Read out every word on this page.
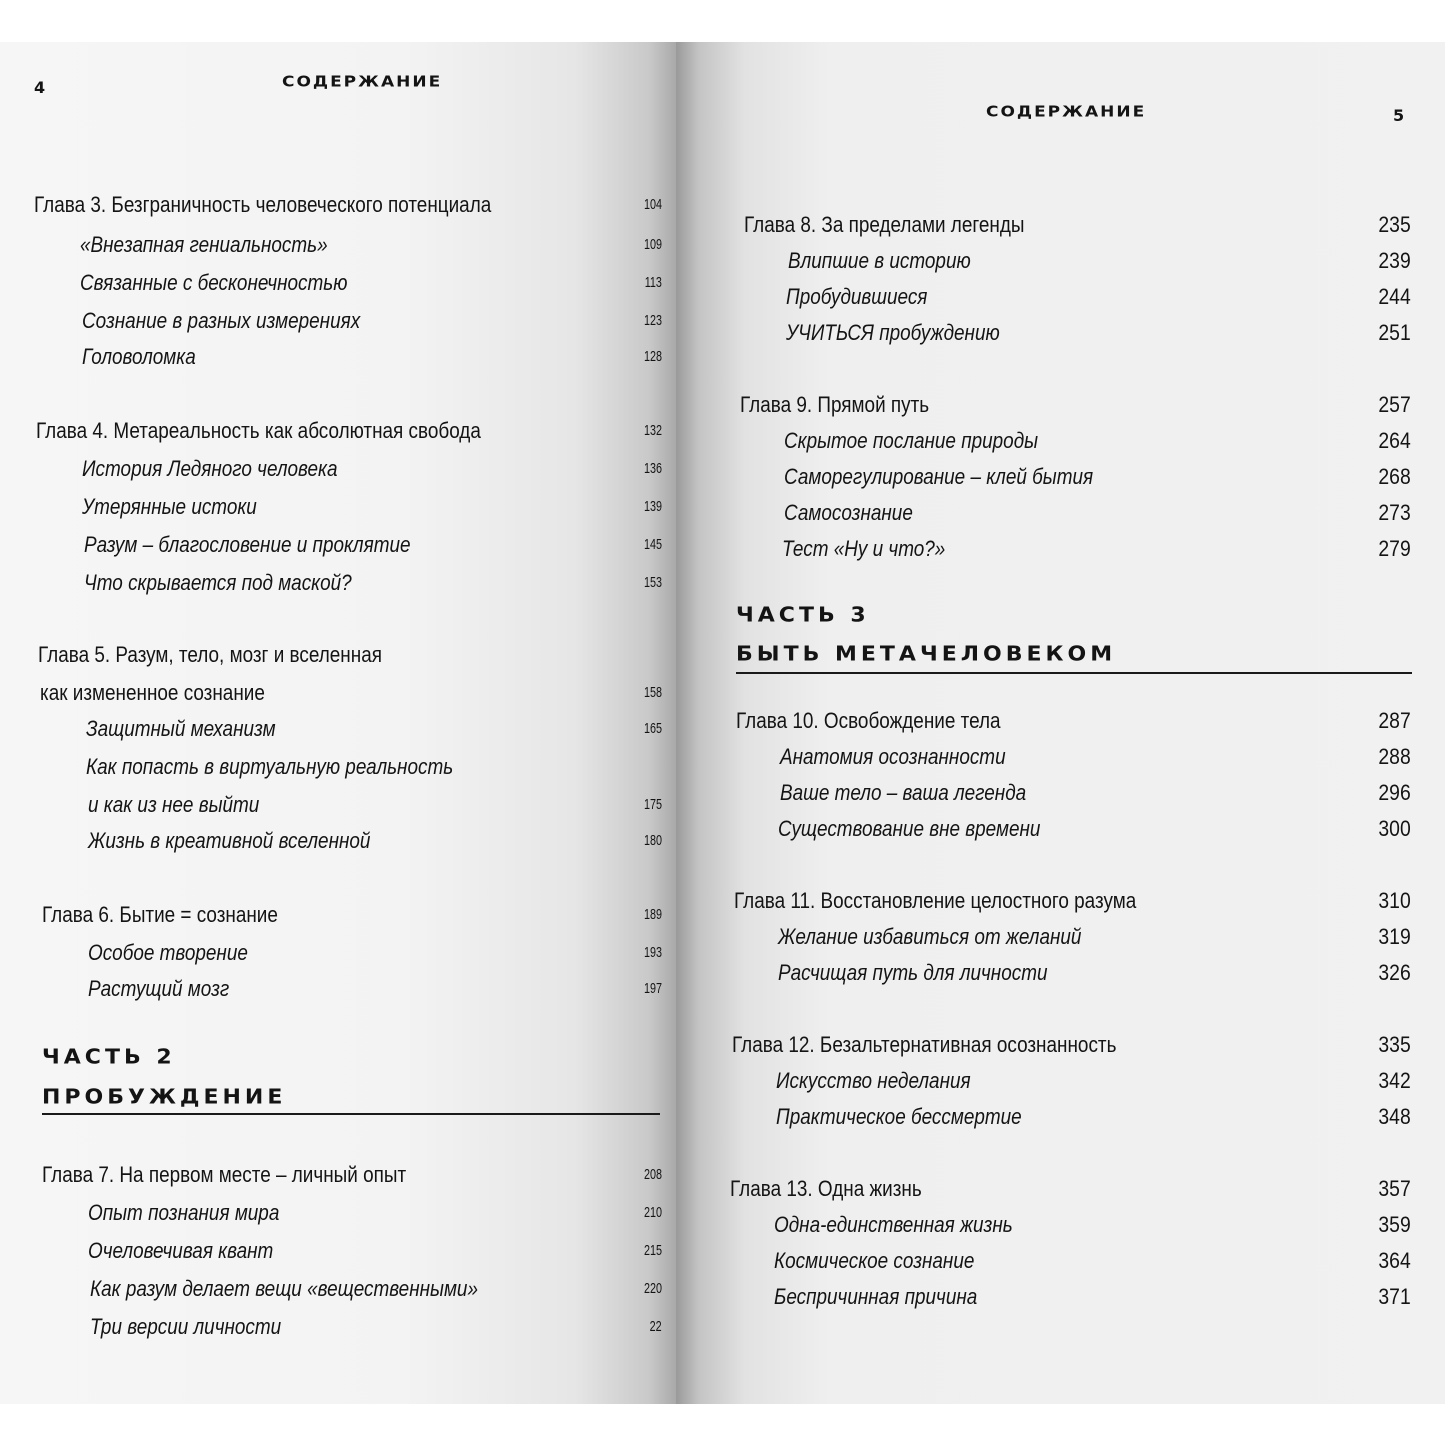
4	СОДЕРЖАНИЕ
Глава 3. Безграничность человеческого потенциала	104
«Внезапная гениальность»	109
Связанные с бесконечностью	113
Сознание в разных измерениях	123
Головоломка	128
Глава 4. Метареальность как абсолютная свобода	132
История Ледяного человека	136
Утерянные истоки	139
Разум – благословение и проклятие	145
Что скрывается под маской?	153
Глава 5. Разум, тело, мозг и вселенная
как измененное сознание	158
Защитный механизм	165
Как попасть в виртуальную реальность
и как из нее выйти	175
Жизнь в креативной вселенной	180
Глава 6. Бытие = сознание	189
Особое творение	193
Растущий мозг	197
Глава 7. На первом месте – личный опыт	208
Опыт познания мира	210
Очеловечивая квант	215
Как разум делает вещи «вещественными»	220
Три версии личности	22
ЧАСТЬ 2
ПРОБУЖДЕНИЕ
СОДЕРЖАНИЕ	5
Глава 8. За пределами легенды	235
Влипшие в историю	239
Пробудившиеся	244
УЧИТЬСЯ пробуждению	251
Глава 9. Прямой путь	257
Скрытое послание природы	264
Саморегулирование – клей бытия	268
Самосознание	273
Тест «Ну и что?»	279
Глава 10. Освобождение тела	287
Анатомия осознанности	288
Ваше тело – ваша легенда	296
Существование вне времени	300
Глава 11. Восстановление целостного разума	310
Желание избавиться от желаний	319
Расчищая путь для личности	326
Глава 12. Безальтернативная осознанность	335
Искусство неделания	342
Практическое бессмертие	348
Глава 13. Одна жизнь	357
Одна-единственная жизнь	359
Космическое сознание	364
Беспричинная причина	371
ЧАСТЬ 3
БЫТЬ МЕТАЧЕЛОВЕКОМ
